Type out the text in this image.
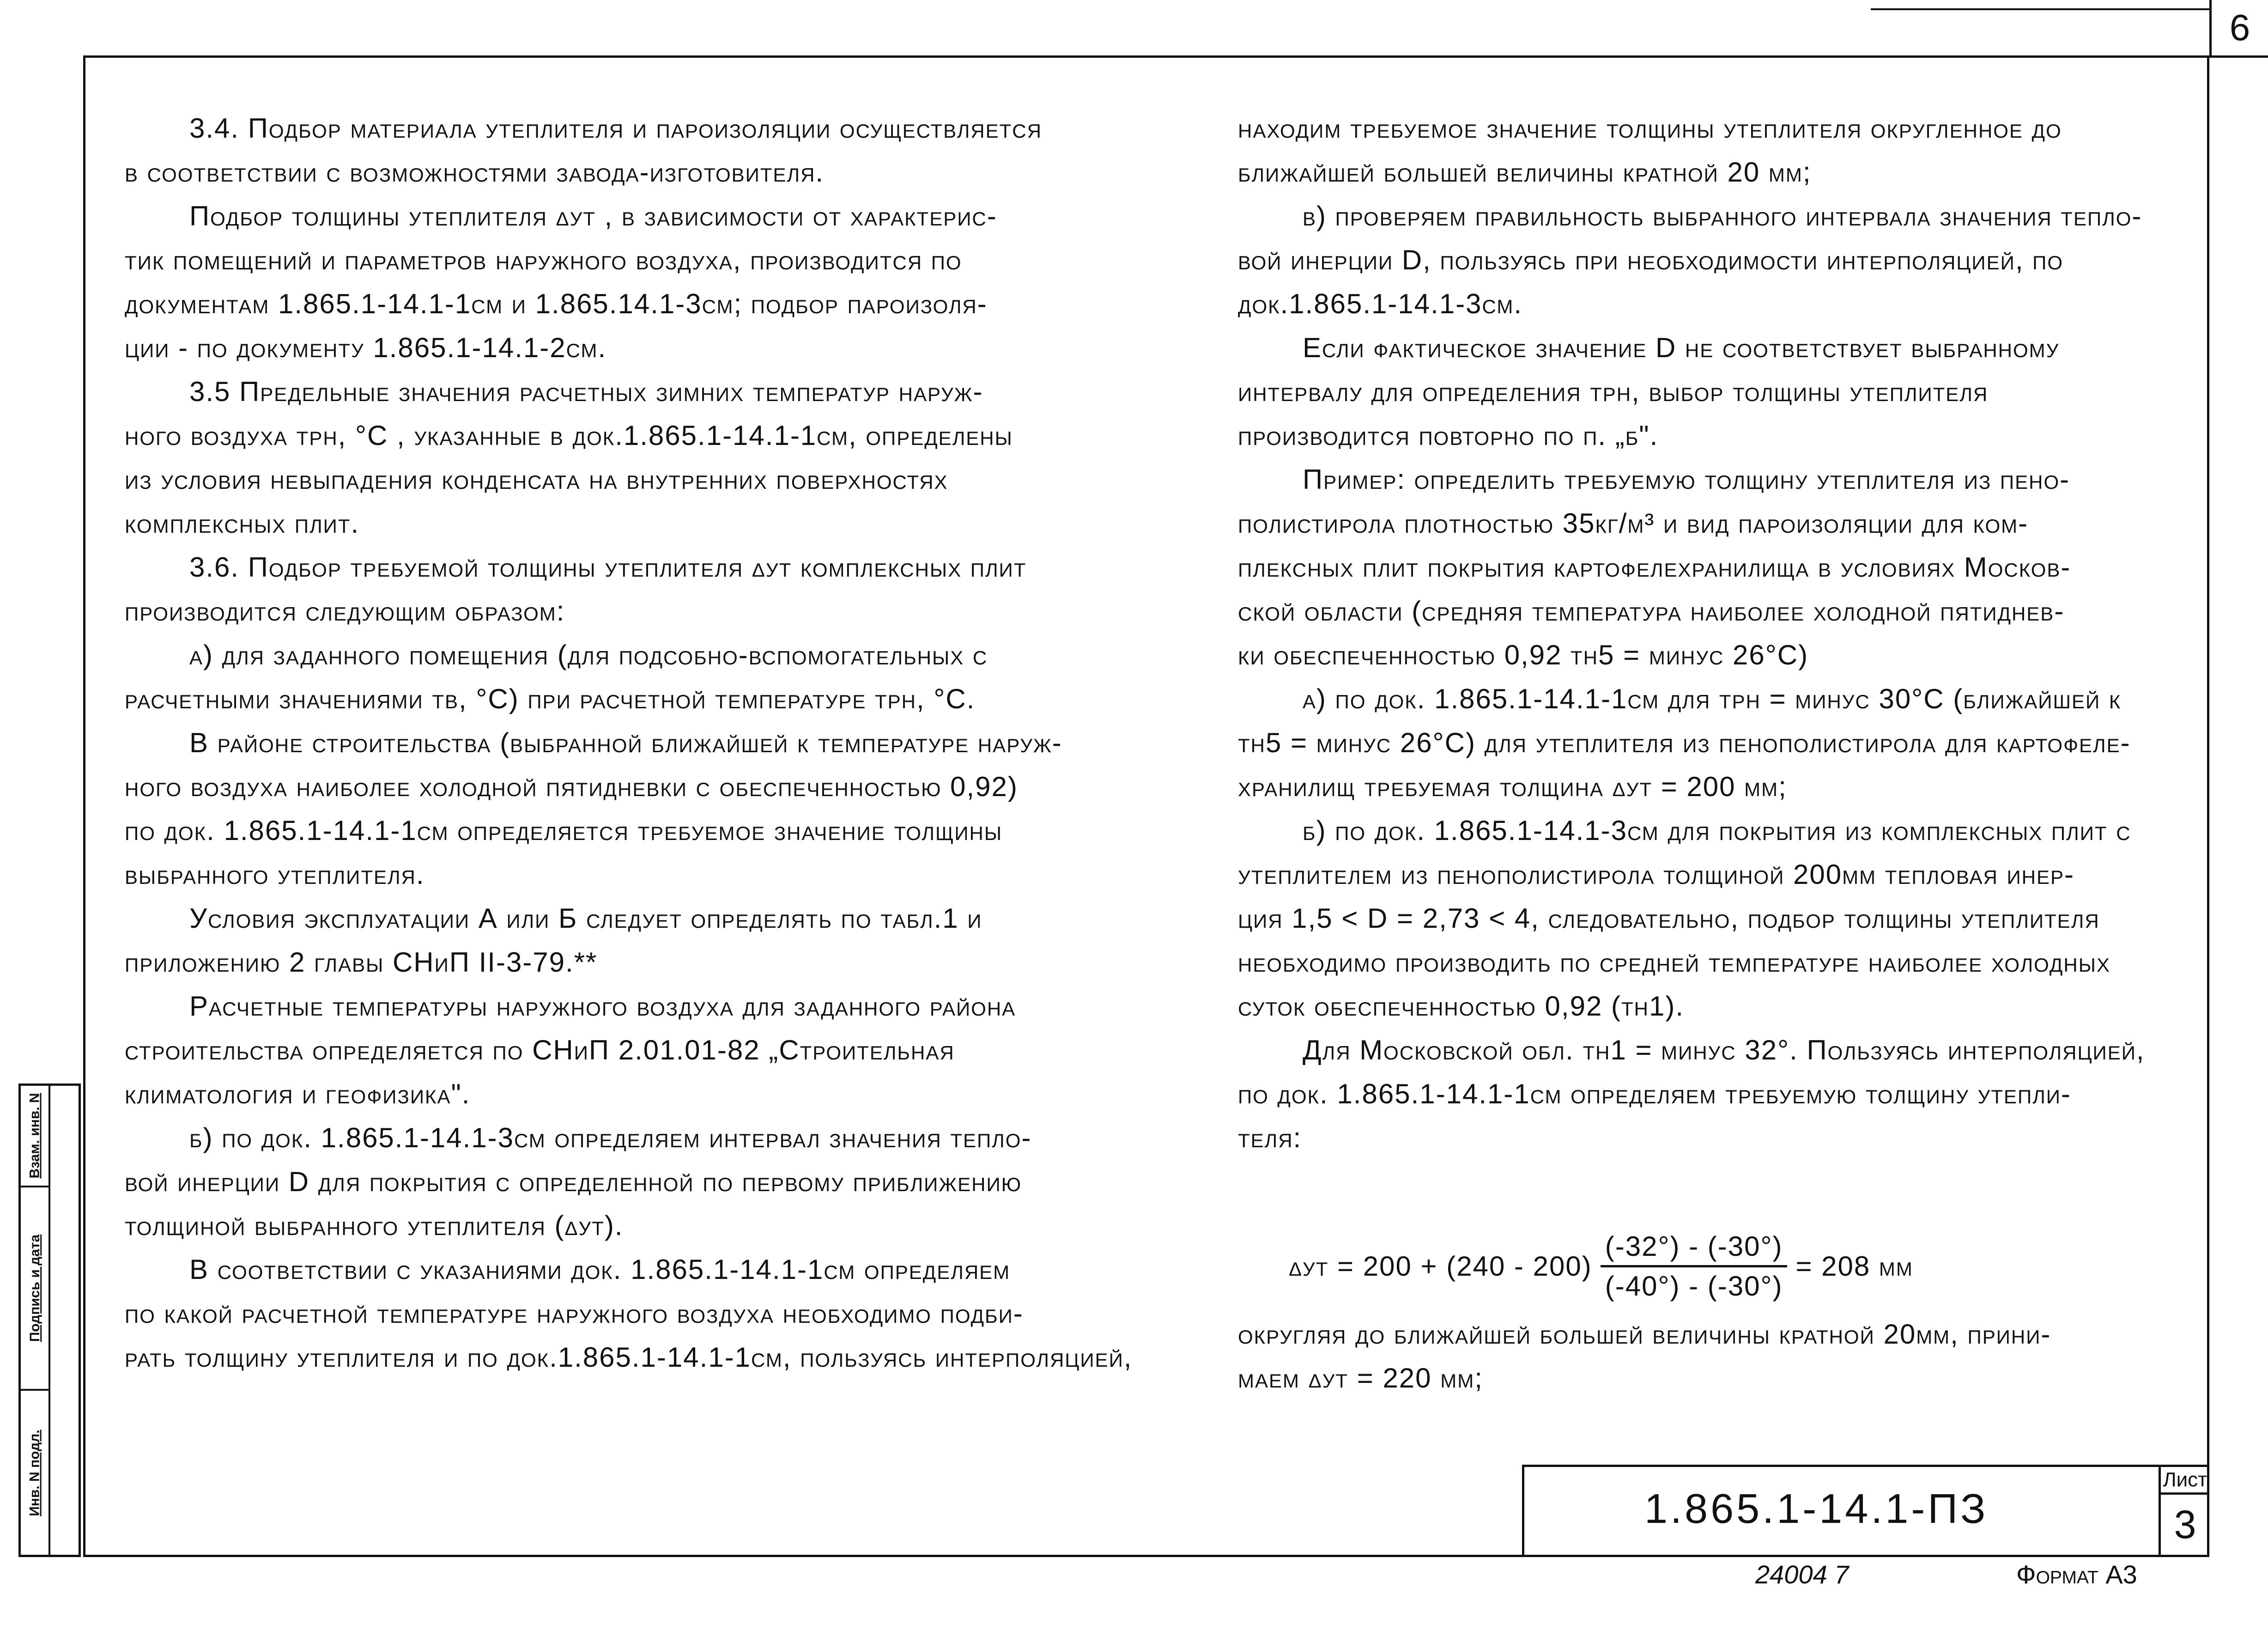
6

3.4. Подбор материала утеплителя и пароизоляции осуществляется

в соответствии с возможностями завода-изготовителя.

Подбор толщины утеплителя δут , в зависимости от характерис-

тик помещений и параметров наружного воздуха, производится по

документам 1.865.1-14.1-1см и 1.865.14.1-3см; подбор пароизоля-

ции - по документу 1.865.1-14.1-2см.

3.5 Предельные значения расчетных зимних температур наруж-

ного воздуха tрн, °С , указанные в док.1.865.1-14.1-1см, определены

из условия невыпадения конденсата на внутренних поверхностях

комплексных плит.

3.6. Подбор требуемой толщины утеплителя δут комплексных плит

производится следующим образом:

а) для заданного помещения (для подсобно-вспомогательных с

расчетными значениями tв, °С) при расчетной температуре tрн, °С.

В районе строительства (выбранной ближайшей к температуре наруж-

ного воздуха наиболее холодной пятидневки с обеспеченностью 0,92)

по док. 1.865.1-14.1-1см определяется требуемое значение толщины

выбранного утеплителя.

Условия эксплуатации А или Б следует определять по табл.1 и

приложению 2 главы СНиП II-3-79.**

Расчетные температуры наружного воздуха для заданного района

строительства определяется по СНиП 2.01.01-82 „Строительная

климатология и геофизика".

б) по док. 1.865.1-14.1-3см определяем интервал значения тепло-

вой инерции D для покрытия с определенной по первому приближению

толщиной выбранного утеплителя (δут).

В соответствии с указаниями док. 1.865.1-14.1-1см определяем

по какой расчетной температуре наружного воздуха необходимо подби-

рать толщину утеплителя и по док.1.865.1-14.1-1см, пользуясь интерполяцией,

находим требуемое значение толщины утеплителя округленное до

ближайшей большей величины кратной 20 мм;

в) проверяем правильность выбранного интервала значения тепло-

вой инерции D, пользуясь при необходимости интерполяцией, по

док.1.865.1-14.1-3см.

Если фактическое значение D не соответствует выбранному

интервалу для определения tрн, выбор толщины утеплителя

производится повторно по п. „б".

Пример: определить требуемую толщину утеплителя из пено-

полистирола плотностью 35кг/м³ и вид пароизоляции для ком-

плексных плит покрытия картофелехранилища в условиях Москов-

ской области (средняя температура наиболее холодной пятиднев-

ки обеспеченностью 0,92 tн5 = минус 26°С)

а) по док. 1.865.1-14.1-1см для tрн = минус 30°С (ближайшей к

tн5 = минус 26°С) для утеплителя из пенополистирола для картофеле-

хранилищ требуемая толщина δут = 200 мм;

б) по док. 1.865.1-14.1-3см для покрытия из комплексных плит с

утеплителем из пенополистирола толщиной 200мм тепловая инер-

ция 1,5 < D = 2,73 < 4, следовательно, подбор толщины утеплителя

необходимо производить по средней температуре наиболее холодных

суток обеспеченностью 0,92 (tн1).

Для Московской обл. tн1 = минус 32°. Пользуясь интерполяцией,

по док. 1.865.1-14.1-1см определяем требуемую толщину утепли-

теля:

$\delta ут = 200 + (240 - 200) \frac{(-32^\circ) - (-30^\circ)}{(-40^\circ) - (-30^\circ)} = 208$ мм

округляя до ближайшей большей величины кратной 20мм, прини-

маем δут = 220 мм;

Взам. инв. N
Подпись и дата
Инв. N подл.	1.865.1-14.1-ПЗ
Лист
3
24004 7	Формат А3
